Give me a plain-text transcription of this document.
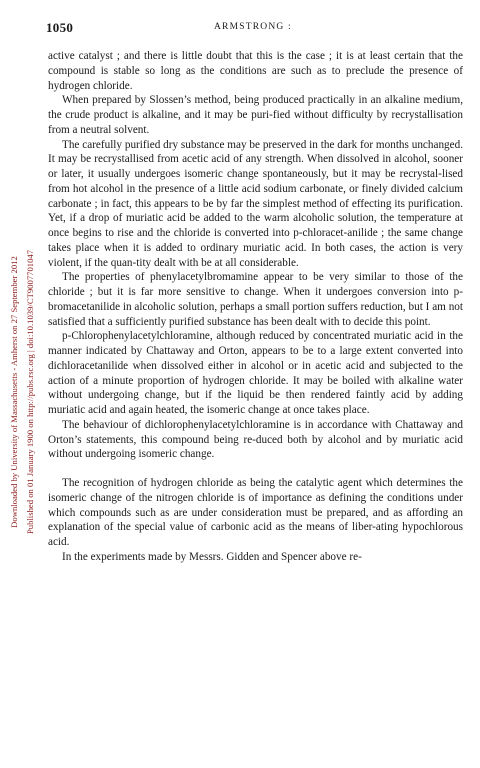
Downloaded by University of Massachusetts - Amherst on 27 September 2012 Published on 01 January 1900 on http://pubs.rsc.org | doi:10.1039/CT9007701047
1050	ARMSTRONG :

active catalyst ; and there is little doubt that this is the case ; it is at least certain that the compound is stable so long as the conditions are such as to preclude the presence of hydrogen chloride.

When prepared by Slossen’s method, being produced practically in an alkaline medium, the crude product is alkaline, and it may be puri-fied without difficulty by recrystallisation from a neutral solvent.

The carefully purified dry substance may be preserved in the dark for months unchanged. It may be recrystallised from acetic acid of any strength. When dissolved in alcohol, sooner or later, it usually undergoes isomeric change spontaneously, but it may be recrystal-lised from hot alcohol in the presence of a little acid sodium carbonate, or finely divided calcium carbonate ; in fact, this appears to be by far the simplest method of effecting its purification. Yet, if a drop of muriatic acid be added to the warm alcoholic solution, the temperature at once begins to rise and the chloride is converted into p-chloracet-anilide ; the same change takes place when it is added to ordinary muriatic acid. In both cases, the action is very violent, if the quan-tity dealt with be at all considerable.

The properties of phenylacetylbromamine appear to be very similar to those of the chloride ; but it is far more sensitive to change. When it undergoes conversion into p-bromacetanilide in alcoholic solution, perhaps a small portion suffers reduction, but I am not satisfied that a sufficiently purified substance has been dealt with to decide this point.

p-Chlorophenylacetylchloramine, although reduced by concentrated muriatic acid in the manner indicated by Chattaway and Orton, appears to be to a large extent converted into dichloracetanilide when dissolved either in alcohol or in acetic acid and subjected to the action of a minute proportion of hydrogen chloride. It may be boiled with alkaline water without undergoing change, but if the liquid be then rendered faintly acid by adding muriatic acid and again heated, the isomeric change at once takes place.

The behaviour of dichlorophenylacetylchloramine is in accordance with Chattaway and Orton’s statements, this compound being re-duced both by alcohol and by muriatic acid without undergoing isomeric change.

The recognition of hydrogen chloride as being the catalytic agent which determines the isomeric change of the nitrogen chloride is of importance as defining the conditions under which compounds such as are under consideration must be prepared, and as affording an explanation of the special value of carbonic acid as the means of liber-ating hypochlorous acid.

In the experiments made by Messrs. Gidden and Spencer above re-
